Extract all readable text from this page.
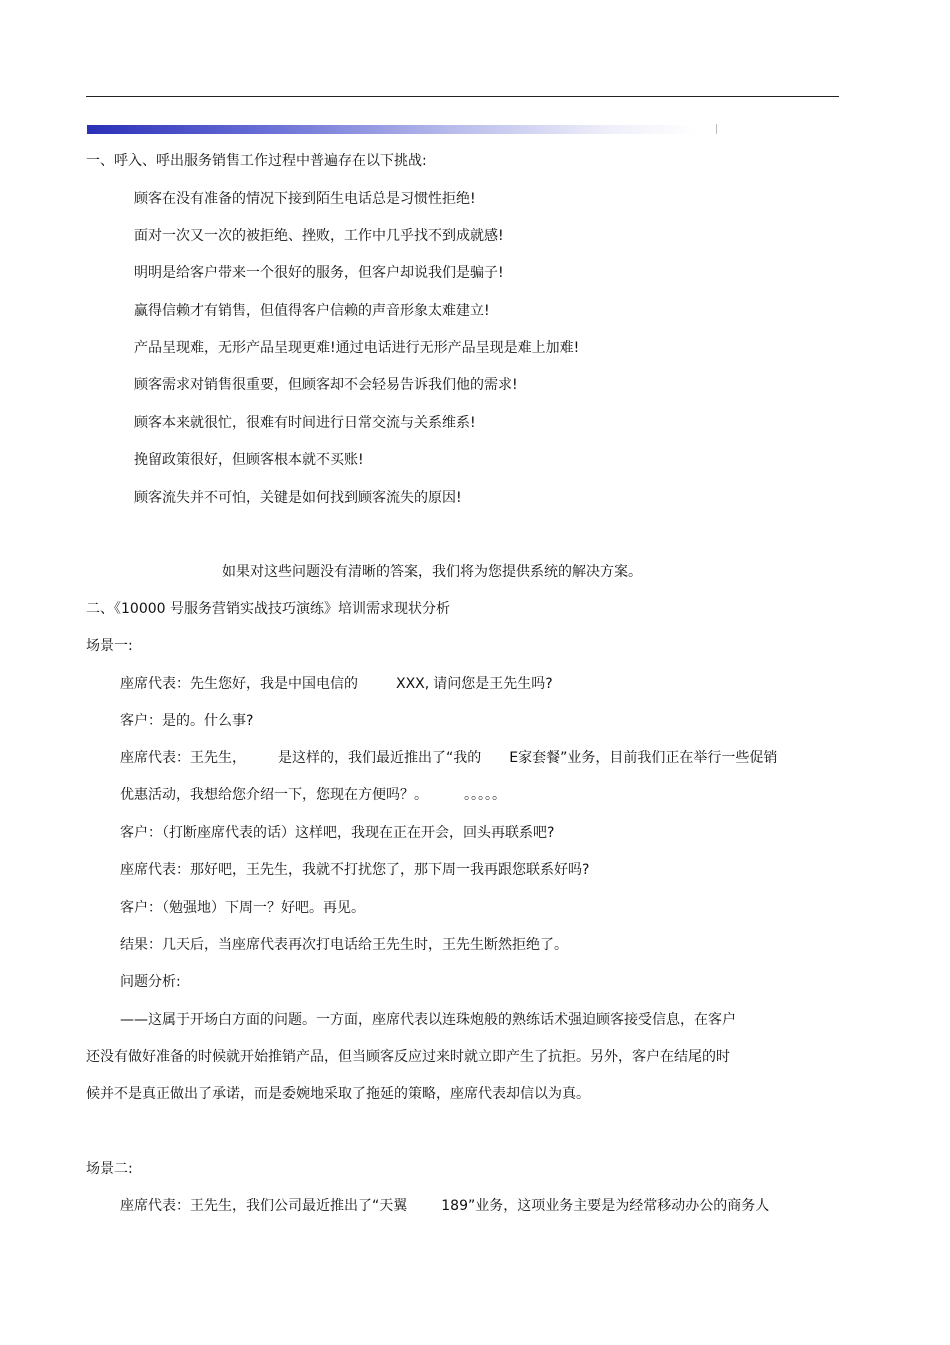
一、呼入、呼出服务销售工作过程中普遍存在以下挑战:
顾客在没有准备的情况下接到陌生电话总是习惯性拒绝!
面对一次又一次的被拒绝、挫败，工作中几乎找不到成就感!
明明是给客户带来一个很好的服务，但客户却说我们是骗子!
赢得信赖才有销售，但值得客户信赖的声音形象太难建立!
产品呈现难，无形产品呈现更难!通过电话进行无形产品呈现是难上加难!
顾客需求对销售很重要，但顾客却不会轻易告诉我们他的需求!
顾客本来就很忙，很难有时间进行日常交流与关系维系!
挽留政策很好，但顾客根本就不买账!
顾客流失并不可怕，关键是如何找到顾客流失的原因!
如果对这些问题没有清晰的答案，我们将为您提供系统的解决方案。
二、《10000 号服务营销实战技巧演练》培训需求现状分析
场景一:
座席代表：先生您好，我是中国电信的	XXX, 请问您是王先生吗?
客户：是的。什么事?
座席代表：王先生， 是这样的，我们最近推出了“我的 E家套餐”业务，目前我们正在举行一些促销
优惠活动，我想给您介绍一下，您现在方便吗？。	。。。。。
客户：（打断座席代表的话）这样吧，我现在正在开会，回头再联系吧?
座席代表：那好吧，王先生，我就不打扰您了，那下周一我再跟您联系好吗?
客户：（勉强地）下周一？好吧。再见。
结果：几天后，当座席代表再次打电话给王先生时，王先生断然拒绝了。
问题分析:
——这属于开场白方面的问题。一方面，座席代表以连珠炮般的熟练话术强迫顾客接受信息，在客户
还没有做好准备的时候就开始推销产品，但当顾客反应过来时就立即产生了抗拒。另外，客户在结尾的时
候并不是真正做出了承诺，而是委婉地采取了拖延的策略，座席代表却信以为真。
场景二:
座席代表：王先生，我们公司最近推出了“天翼 189”业务，这项业务主要是为经常移动办公的商务人
